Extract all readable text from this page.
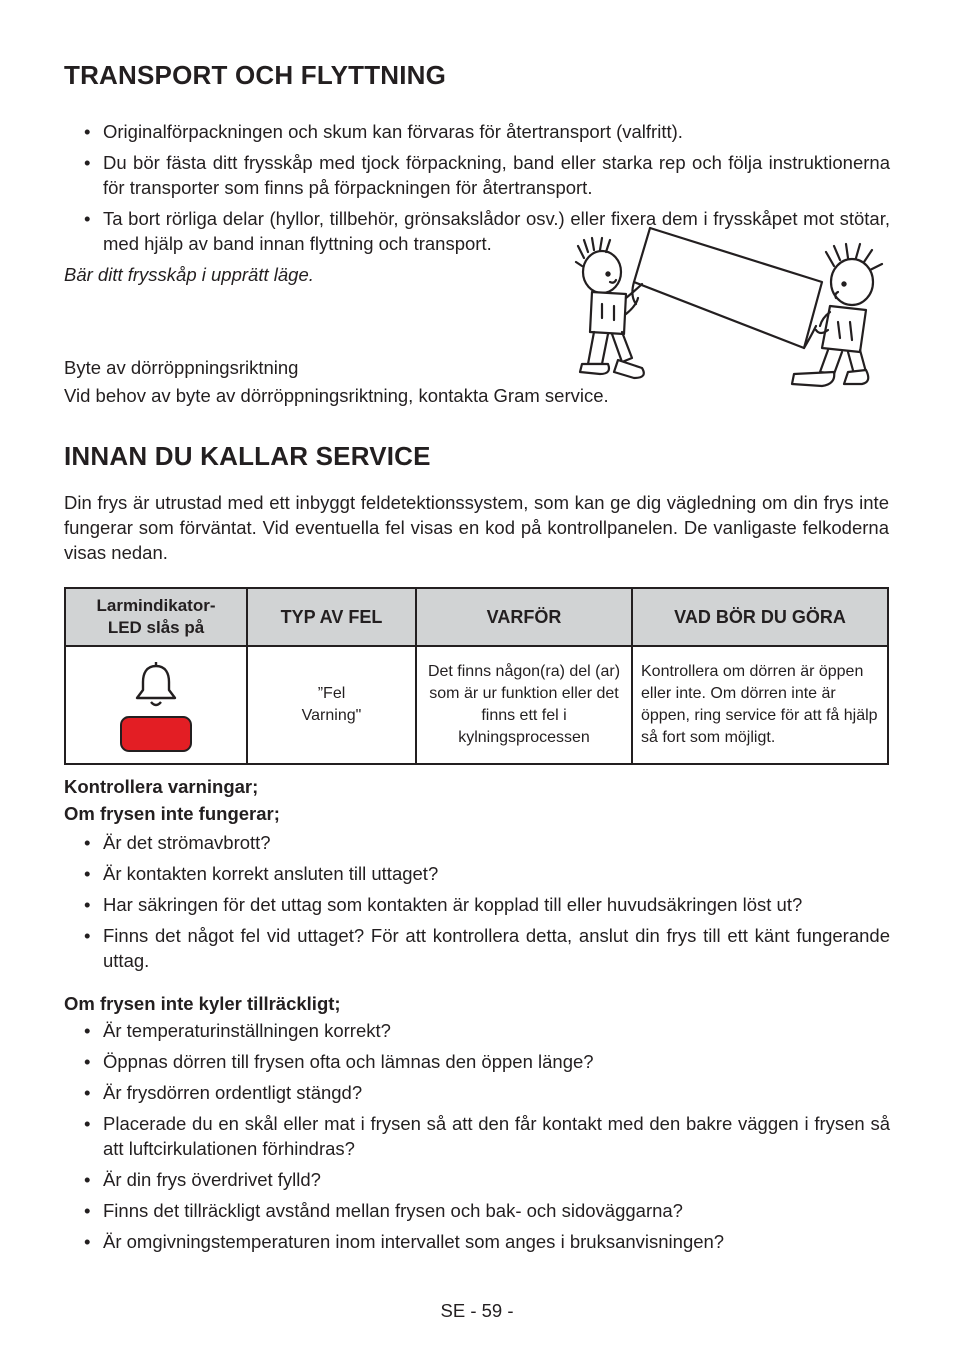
TRANSPORT OCH FLYTTNING
• Originalförpackningen och skum kan förvaras för återtransport (valfritt).
• Du bör fästa ditt frysskåp med tjock förpackning, band eller starka rep och följa instruktionerna för transporter som finns på förpackningen för återtransport.
• Ta bort rörliga delar (hyllor, tillbehör, grönsakslådor osv.) eller fixera dem i frysskåpet mot stötar, med hjälp av band innan flyttning och transport.
Bär ditt frysskåp i upprätt läge.
Byte av dörröppningsriktning
Vid behov av byte av dörröppningsriktning, kontakta Gram service.
INNAN DU KALLAR SERVICE
Din frys är utrustad med ett inbyggt feldetektionssystem, som kan ge dig vägledning om din frys inte fungerar som förväntat. Vid eventuella fel visas en kod på kontrollpanelen. De vanligaste felkoderna visas nedan.
Larmindikator-
LED slås på	TYP AV FEL	VARFÖR	VAD BÖR DU GÖRA

	”Fel
Varning"	Det finns någon(ra) del (ar) som är ur funktion eller det finns ett fel i kylningsprocessen	Kontrollera om dörren är öppen eller inte. Om dörren inte är öppen, ring service för att få hjälp så fort som möjligt.
Kontrollera varningar;
Om frysen inte fungerar;
• Är det strömavbrott?
• Är kontakten korrekt ansluten till uttaget?
• Har säkringen för det uttag som kontakten är kopplad till eller huvudsäkringen löst ut?
• Finns det något fel vid uttaget? För att kontrollera detta, anslut din frys till ett känt fungerande uttag.
Om frysen inte kyler tillräckligt;
• Är temperaturinställningen korrekt?
• Öppnas dörren till frysen ofta och lämnas den öppen länge?
• Är frysdörren ordentligt stängd?
• Placerade du en skål eller mat i frysen så att den får kontakt med den bakre väggen i frysen så att luftcirkulationen förhindras?
• Är din frys överdrivet fylld?
• Finns det tillräckligt avstånd mellan frysen och bak- och sidoväggarna?
• Är omgivningstemperaturen inom intervallet som anges i bruksanvisningen?
SE - 59 -
